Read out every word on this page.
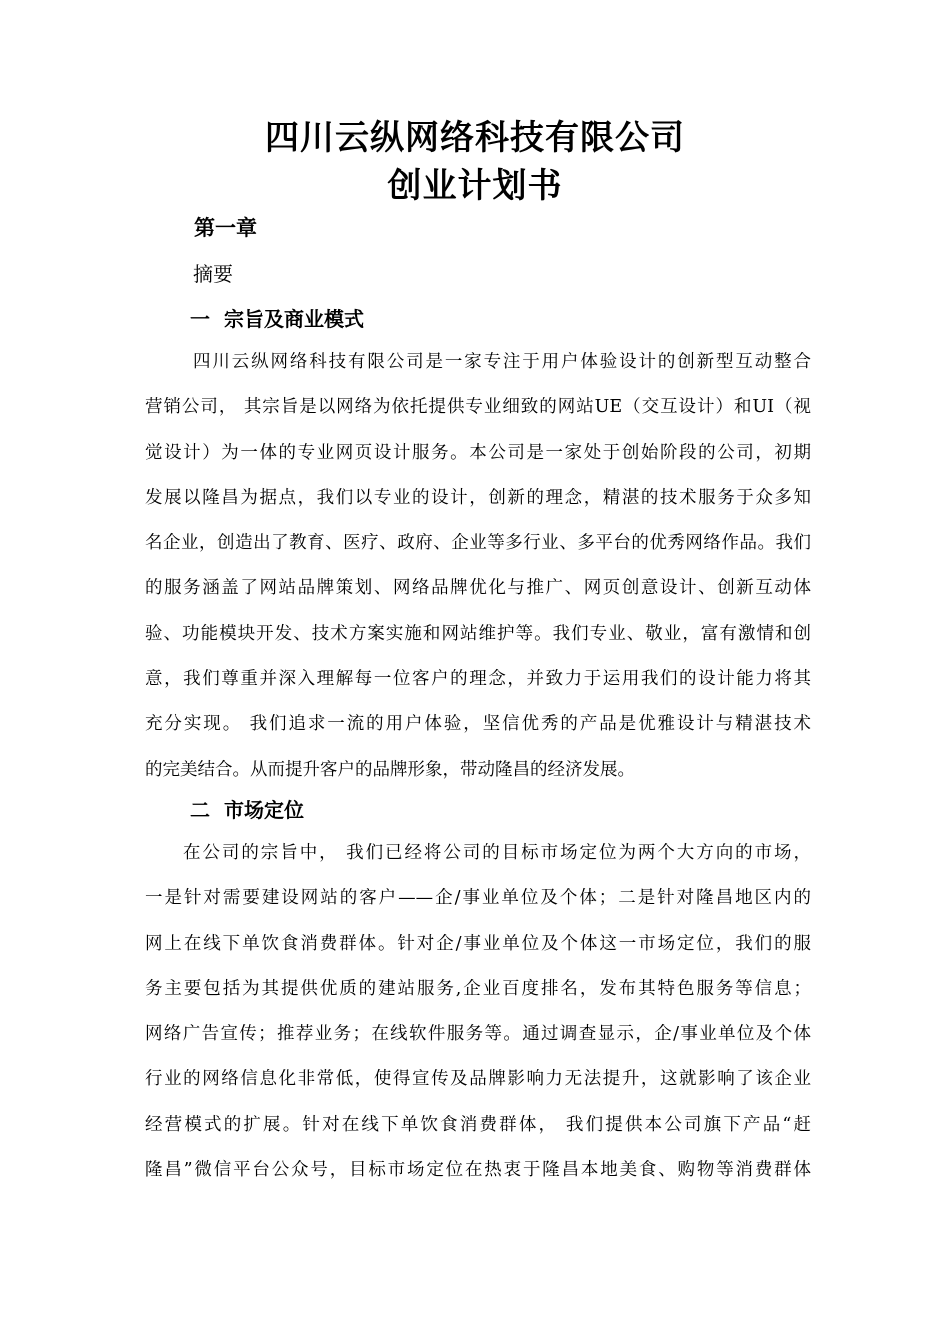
四川云纵网络科技有限公司
创业计划书
第一章

摘要

一 宗旨及商业模式
四川云纵网络科技有限公司是一家专注于用户体验设计的创新型互动整合
营销公司， 其宗旨是以网络为依托提供专业细致的网站UE（交互设计）和UI（视
觉设计）为一体的专业网页设计服务。本公司是一家处于创始阶段的公司，初期
发展以隆昌为据点，我们以专业的设计，创新的理念，精湛的技术服务于众多知
名企业，创造出了教育、医疗、政府、企业等多行业、多平台的优秀网络作品。我们
的服务涵盖了网站品牌策划、网络品牌优化与推广、网页创意设计、创新互动体
验、功能模块开发、技术方案实施和网站维护等。我们专业、敬业，富有激情和创
意，我们尊重并深入理解每一位客户的理念，并致力于运用我们的设计能力将其
充分实现。 我们追求一流的用户体验，坚信优秀的产品是优雅设计与精湛技术
的完美结合。从而提升客户的品牌形象，带动隆昌的经济发展。
二 市场定位
在公司的宗旨中， 我们已经将公司的目标市场定位为两个大方向的市场，
一是针对需要建设网站的客户——企/事业单位及个体；二是针对隆昌地区内的
网上在线下单饮食消费群体。针对企/事业单位及个体这一市场定位，我们的服
务主要包括为其提供优质的建站服务,企业百度排名，发布其特色服务等信息；
网络广告宣传；推荐业务；在线软件服务等。通过调查显示，企/事业单位及个体
行业的网络信息化非常低，使得宣传及品牌影响力无法提升，这就影响了该企业
经营模式的扩展。针对在线下单饮食消费群体， 我们提供本公司旗下产品“赶
隆昌”微信平台公众号，目标市场定位在热衷于隆昌本地美食、购物等消费群体
